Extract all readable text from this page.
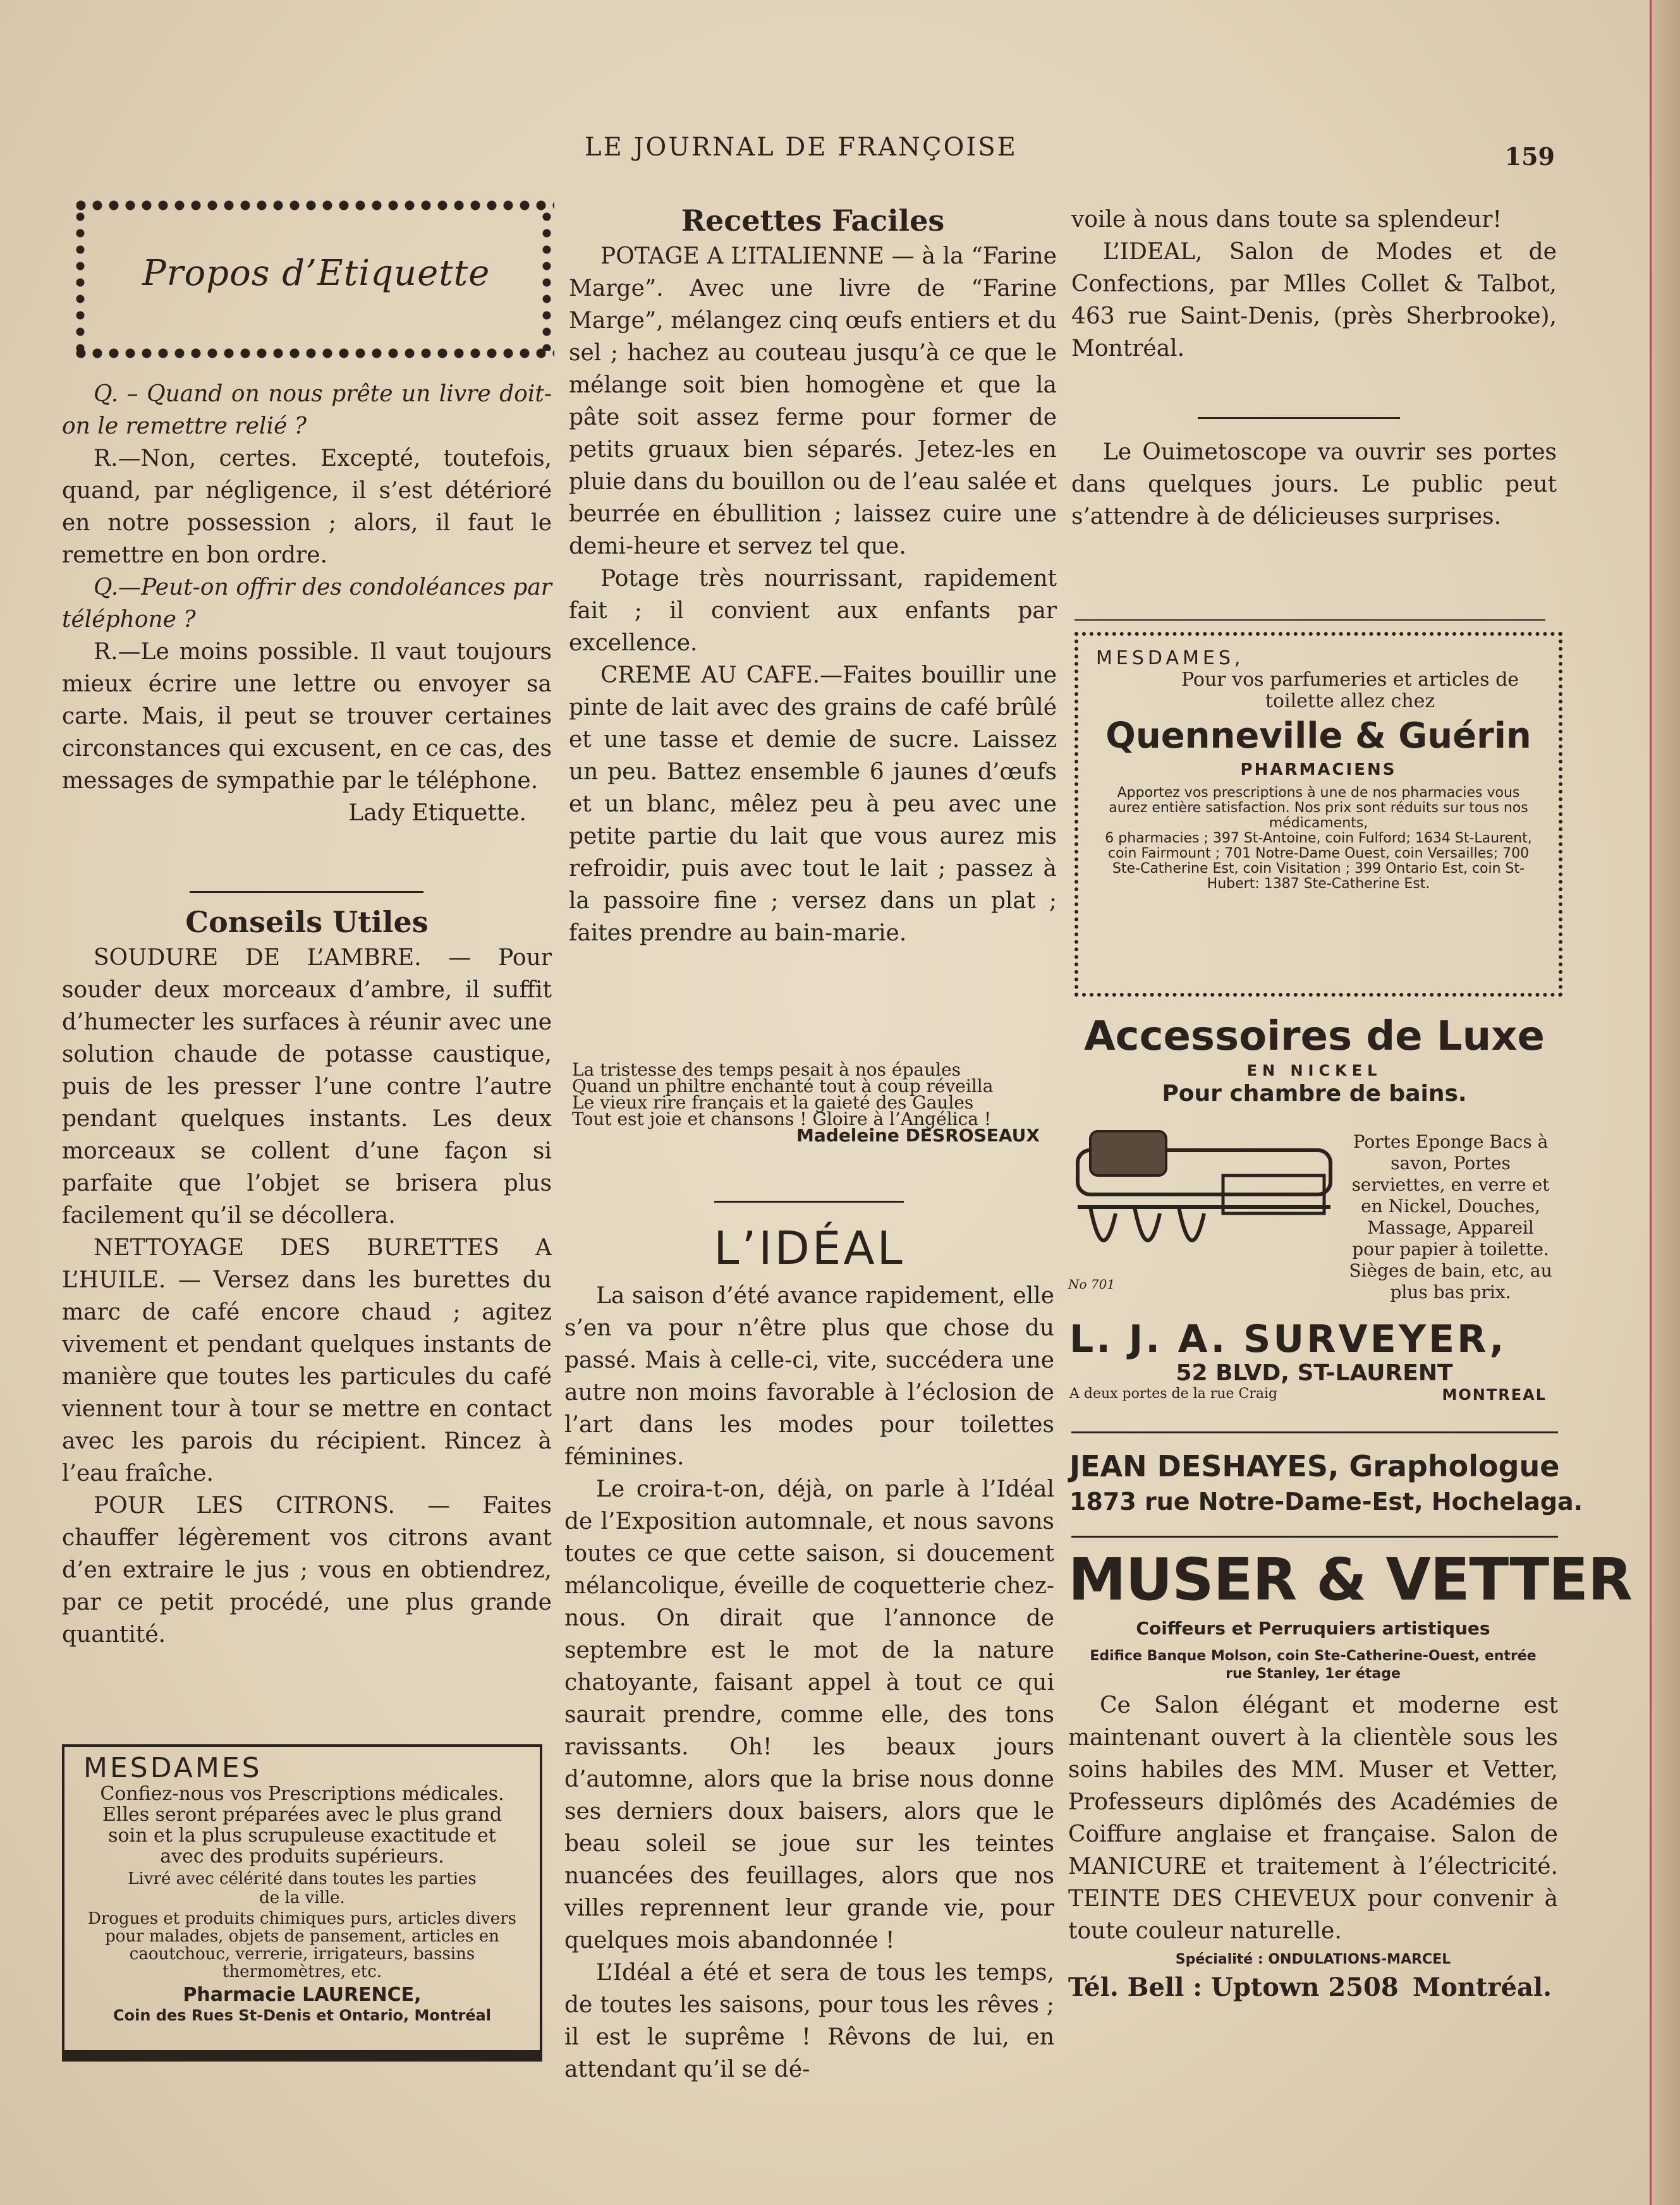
LE JOURNAL DE FRANÇOISE	159
Propos d’Etiquette

Q. – Quand on nous prête un livre doit-on le remettre relié ?

R.—Non, certes. Excepté, toutefois, quand, par négligence, il s’est détérioré en notre possession ; alors, il faut le remettre en bon ordre.

Q.—Peut-on offrir des condoléances par téléphone ?

R.—Le moins possible. Il vaut toujours mieux écrire une lettre ou envoyer sa carte. Mais, il peut se trouver certaines circonstances qui excusent, en ce cas, des messages de sympathie par le téléphone.

Lady Etiquette.

Conseils Utiles

SOUDURE DE L’AMBRE. — Pour souder deux morceaux d’ambre, il suffit d’humecter les surfaces à réunir avec une solution chaude de potasse caustique, puis de les presser l’une contre l’autre pendant quelques instants. Les deux morceaux se collent d’une façon si parfaite que l’objet se brisera plus facilement qu’il se décollera.

NETTOYAGE DES BURETTES A L’HUILE. — Versez dans les burettes du marc de café encore chaud ; agitez vivement et pendant quelques instants de manière que toutes les particules du café viennent tour à tour se mettre en contact avec les parois du récipient. Rincez à l’eau fraîche.

POUR LES CITRONS. — Faites chauffer légèrement vos citrons avant d’en extraire le jus ; vous en obtiendrez, par ce petit procédé, une plus grande quantité.

MESDAMES
Confiez-nous vos Prescriptions médicales. Elles seront préparées avec le plus grand soin et la plus scrupuleuse exactitude et avec des produits supérieurs.
Livré avec célérité dans toutes les parties de la ville.
Drogues et produits chimiques purs, articles divers pour malades, objets de pansement, articles en caoutchouc, verrerie, irrigateurs, bassins thermomètres, etc.
Pharmacie LAURENCE,
Coin des Rues St-Denis et Ontario, Montréal

Recettes Faciles

POTAGE A L’ITALIENNE — à la “Farine Marge”. Avec une livre de “Farine Marge”, mélangez cinq œufs entiers et du sel ; hachez au couteau jusqu’à ce que le mélange soit bien homogène et que la pâte soit assez ferme pour former de petits gruaux bien séparés. Jetez-les en pluie dans du bouillon ou de l’eau salée et beurrée en ébullition ; laissez cuire une demi-heure et servez tel que.

Potage très nourrissant, rapidement fait ; il convient aux enfants par excellence.

CREME AU CAFE.—Faites bouillir une pinte de lait avec des grains de café brûlé et une tasse et demie de sucre. Laissez un peu. Battez ensemble 6 jaunes d’œufs et un blanc, mêlez peu à peu avec une petite partie du lait que vous aurez mis refroidir, puis avec tout le lait ; passez à la passoire fine ; versez dans un plat ; faites prendre au bain-marie.

La tristesse des temps pesait à nos épaules
Quand un philtre enchanté tout à coup réveilla
Le vieux rire français et la gaieté des Gaules
Tout est joie et chansons ! Gloire à l’Angélica !
Madeleine DESROSEAUX

L’IDÉAL

La saison d’été avance rapidement, elle s’en va pour n’être plus que chose du passé. Mais à celle-ci, vite, succédera une autre non moins favorable à l’éclosion de l’art dans les modes pour toilettes féminines.

Le croira-t-on, déjà, on parle à l’Idéal de l’Exposition automnale, et nous savons toutes ce que cette saison, si doucement mélancolique, éveille de coquetterie chez-nous. On dirait que l’annonce de septembre est le mot de la nature chatoyante, faisant appel à tout ce qui saurait prendre, comme elle, des tons ravissants. Oh! les beaux jours d’automne, alors que la brise nous donne ses derniers doux baisers, alors que le beau soleil se joue sur les teintes nuancées des feuillages, alors que nos villes reprennent leur grande vie, pour quelques mois abandonnée !

L’Idéal a été et sera de tous les temps, de toutes les saisons, pour tous les rêves ; il est le suprême ! Rêvons de lui, en attendant qu’il se dé-

voile à nous dans toute sa splendeur!

L’IDEAL, Salon de Modes et de Confections, par Mlles Collet & Talbot, 463 rue Saint-Denis, (près Sherbrooke), Montréal.

Le Ouimetoscope va ouvrir ses portes dans quelques jours. Le public peut s’attendre à de délicieuses surprises.

MESDAMES,
Pour vos parfumeries et articles de toilette allez chez
Quenneville & Guérin
PHARMACIENS
Apportez vos prescriptions à une de nos pharmacies vous aurez entière satisfaction. Nos prix sont réduits sur tous nos médicaments,
6 pharmacies ; 397 St-Antoine, coin Fulford; 1634 St-Laurent, coin Fairmount ; 701 Notre-Dame Ouest, coin Versailles; 700 Ste-Catherine Est, coin Visitation ; 399 Ontario Est, coin St-Hubert: 1387 Ste-Catherine Est.
Accessoires de Luxe
EN NICKEL
Pour chambre de bains.
No 701
Portes Eponge Bacs à savon, Portes serviettes, en verre et en Nickel, Douches, Massage, Appareil pour papier à toilette. Sièges de bain, etc, au plus bas prix.
L. J. A. SURVEYER,
52 BLVD, ST-LAURENT
A deux portes de la rue Craig	MONTREAL
JEAN DESHAYES, Graphologue
1873 rue Notre-Dame-Est, Hochelaga.
MUSER & VETTER
Coiffeurs et Perruquiers artistiques
Edifice Banque Molson, coin Ste-Catherine-Ouest, entrée rue Stanley, 1er étage
Ce Salon élégant et moderne est maintenant ouvert à la clientèle sous les soins habiles des MM. Muser et Vetter, Professeurs diplômés des Académies de Coiffure anglaise et française. Salon de MANICURE et traitement à l’électricité. TEINTE DES CHEVEUX pour convenir à toute couleur naturelle.
Spécialité : ONDULATIONS-MARCEL
Tél. Bell : Uptown 2508 Montréal.
